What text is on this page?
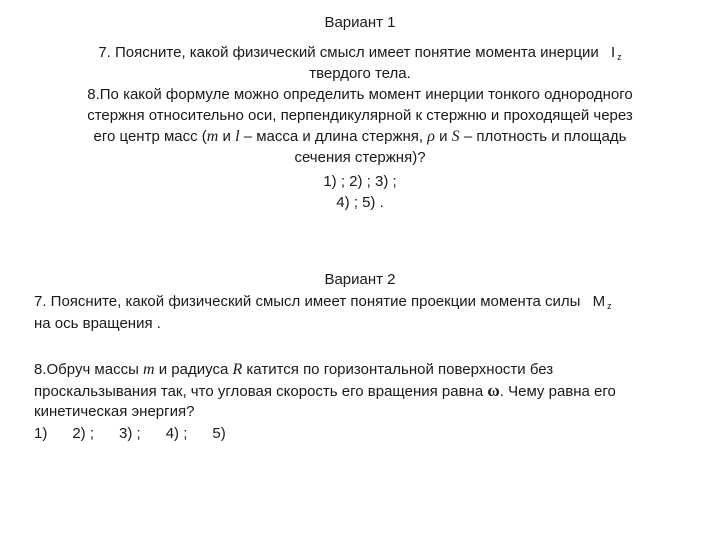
Вариант 1
7. Поясните, какой физический смысл имеет понятие момента инерции I $_z$
твердого тела.
8.По какой формуле можно определить момент инерции тонкого однородного
стержня относительно оси, перпендикулярной к стержню и проходящей через
его центр масс (m и l – масса и длина стержня, ρ и S – плотность и площадь
сечения стержня)?
1) ; 2) ; 3) ;
4) ; 5) .
Вариант 2
7. Поясните, какой физический смысл имеет понятие проекции момента силы M $_z$
на ось вращения .
8.Обруч массы m и радиуса R катится по горизонтальной поверхности без
проскальзывания так, что угловая скорость его вращения равна ω. Чему равна его
кинетическая энергия?
1)      2) ;      3) ;      4) ;      5)
